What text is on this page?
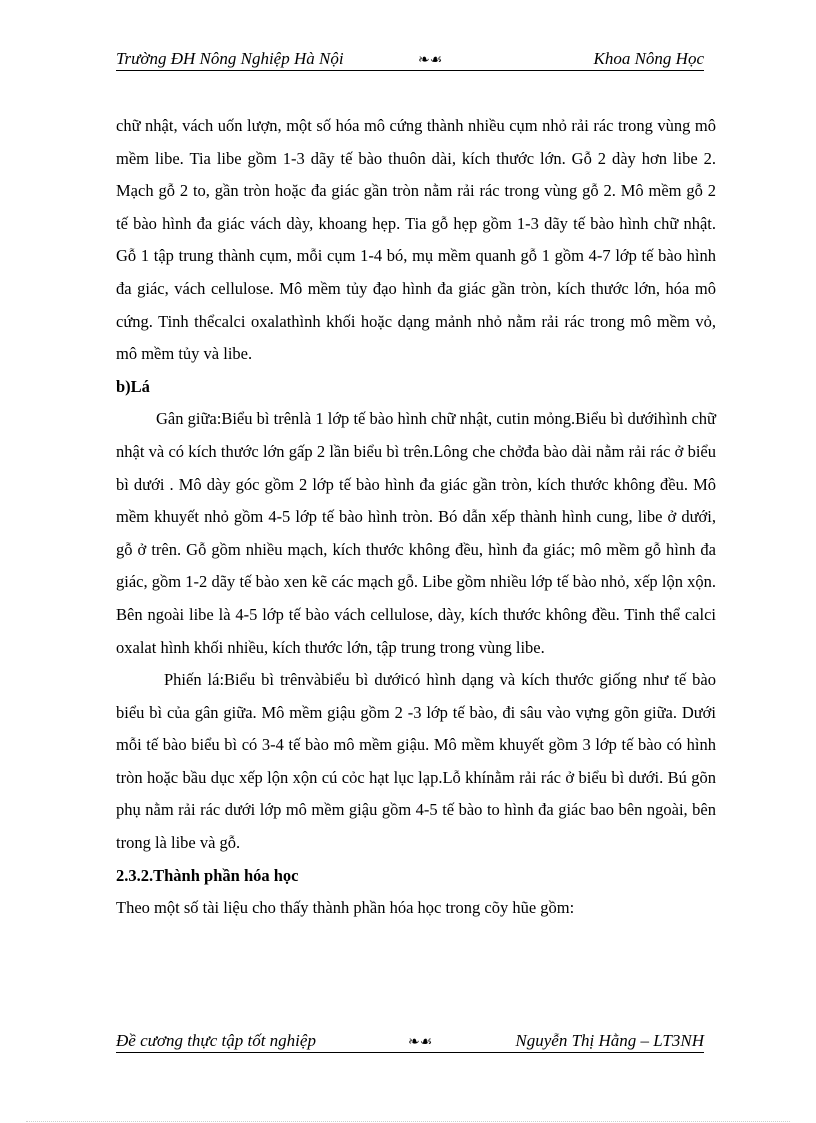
Trường ĐH Nông Nghiệp Hà Nội	❧☙	Khoa Nông Học

chữ nhật, vách uốn lượn, một số hóa mô cứng thành nhiều cụm nhỏ rải rác trong vùng mô mềm libe. Tia libe gồm 1-3 dãy tế bào thuôn dài, kích thước lớn. Gỗ 2 dày hơn libe 2. Mạch gỗ 2 to, gần tròn hoặc đa giác gần tròn nằm rải rác trong vùng gỗ 2. Mô mềm gỗ 2 tế bào hình đa giác vách dày, khoang hẹp. Tia gỗ hẹp gồm 1-3 dãy tế bào hình chữ nhật. Gỗ 1 tập trung thành cụm, mỗi cụm 1-4 bó, mụ mềm quanh gỗ 1 gồm 4-7 lớp tế bào hình đa giác, vách cellulose. Mô mềm tủy đạo hình đa giác gần tròn, kích thước lớn, hóa mô cứng. Tinh thểcalci oxalathình khối hoặc dạng mảnh nhỏ nằm rải rác trong mô mềm vỏ, mô mềm tủy và libe.

b)Lá

Gân giữa:Biểu bì trênlà 1 lớp tế bào hình chữ nhật, cutin mỏng.Biểu bì dướihình chữ nhật và có kích thước lớn gấp 2 lần biểu bì trên.Lông che chởđa bào dài nằm rải rác ở biểu bì dưới . Mô dày góc gồm 2 lớp tế bào hình đa giác gần tròn, kích thước không đều. Mô mềm khuyết nhỏ gồm 4-5 lớp tế bào hình tròn. Bó dẫn xếp thành hình cung, libe ở dưới, gỗ ở trên. Gỗ gồm nhiều mạch, kích thước không đều, hình đa giác; mô mềm gỗ hình đa giác, gồm 1-2 dãy tế bào xen kẽ các mạch gỗ. Libe gồm nhiều lớp tế bào nhỏ, xếp lộn xộn. Bên ngoài libe là 4-5 lớp tế bào vách cellulose, dày, kích thước không đều. Tinh thể calci oxalat hình khối nhiều, kích thước lớn, tập trung trong vùng libe.

Phiến lá:Biểu bì trênvàbiểu bì dướicó hình dạng và kích thước giống như tế bào biểu bì của gân giữa. Mô mềm giậu gồm 2 -3 lớp tế bào, đi sâu vào vựng gõn giữa. Dưới mỗi tế bào biểu bì có 3-4 tế bào mô mềm giậu. Mô mềm khuyết gồm 3 lớp tế bào có hình tròn hoặc bầu dục xếp lộn xộn cú cỏc hạt lục lạp.Lỗ khínằm rải rác ở biểu bì dưới. Bú gõn phụ nằm rải rác dưới lớp mô mềm giậu gồm 4-5 tế bào to hình đa giác bao bên ngoài, bên trong là libe và gỗ.

2.3.2.Thành phần hóa học

Theo một số tài liệu cho thấy thành phần hóa học trong cõy hũe gồm:

Đề cương thực tập tốt nghiệp	❧☙	Nguyễn Thị Hằng – LT3NH
